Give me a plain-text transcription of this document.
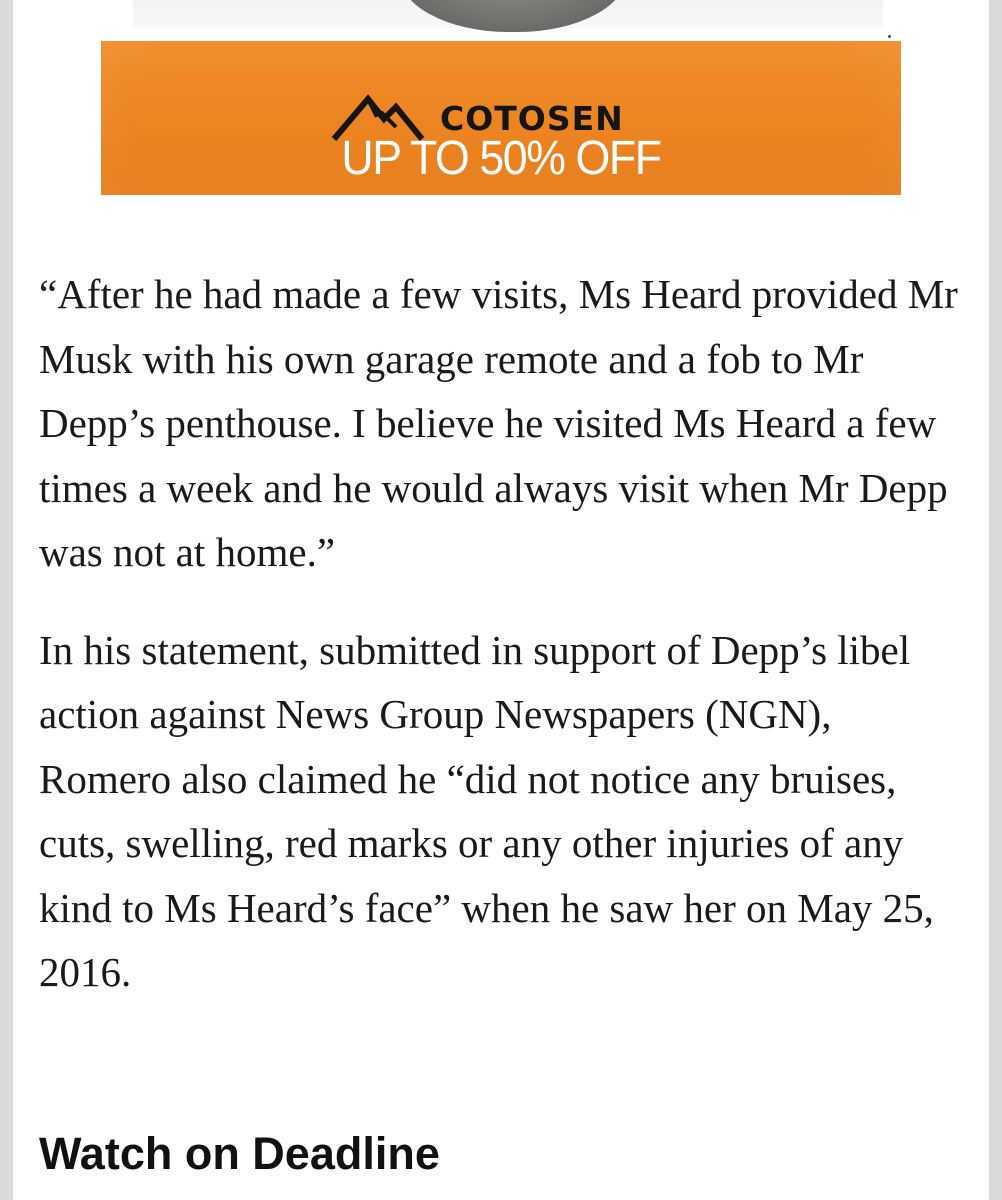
COTOSEN
UP TO 50% OFF

“After he had made a few visits, Ms Heard provided Mr Musk with his own garage remote and a fob to Mr Depp’s penthouse. I believe he visited Ms Heard a few times a week and he would always visit when Mr Depp was not at home.”

In his statement, submitted in support of Depp’s libel action against News Group Newspapers (NGN), Romero also claimed he “did not notice any bruises, cuts, swelling, red marks or any other injuries of any kind to Ms Heard’s face” when he saw her on May 25, 2016.

Watch on Deadline
